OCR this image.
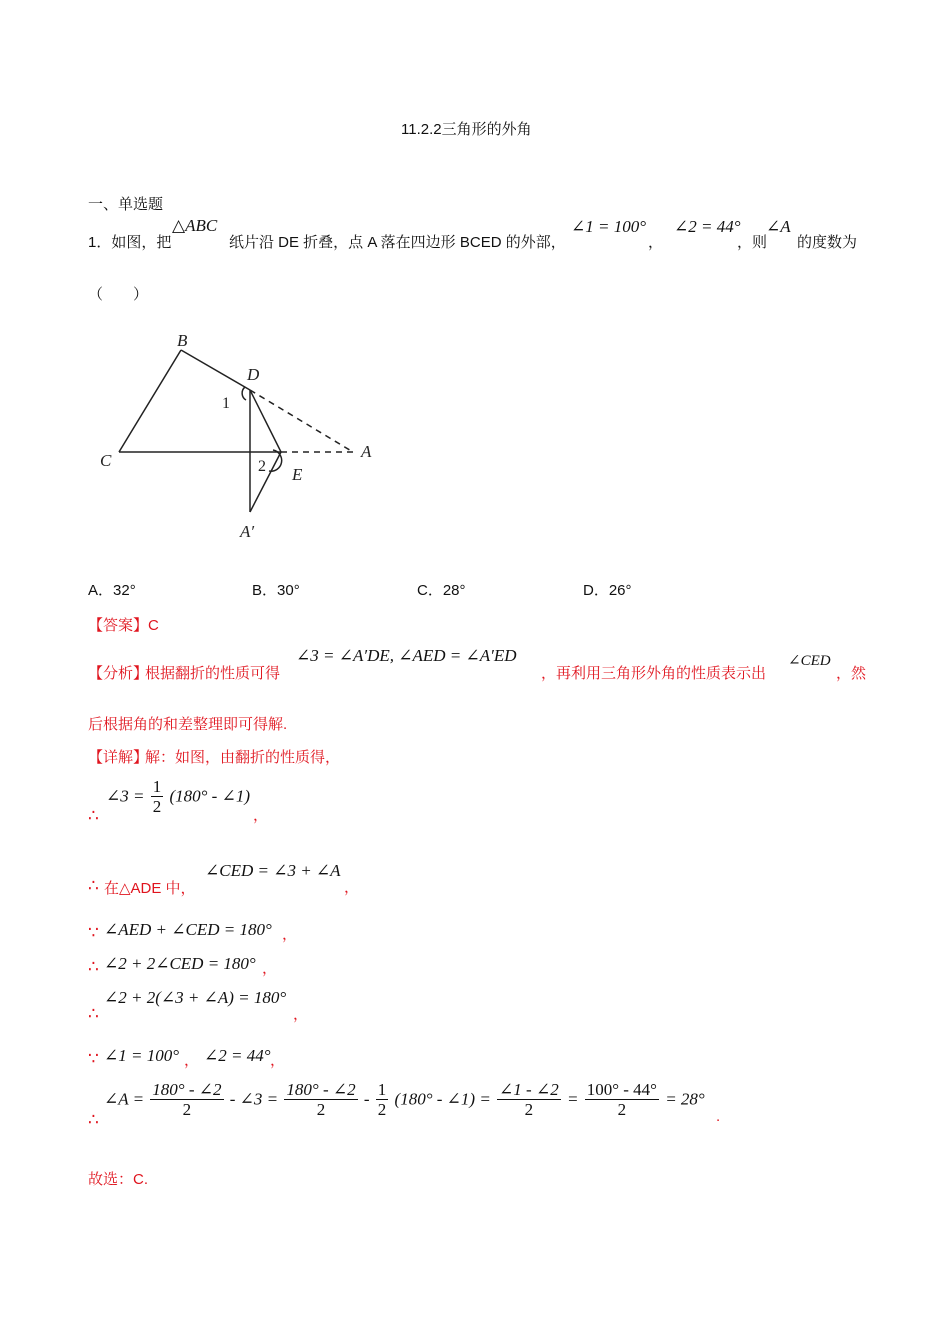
11.2.2三角形的外角
一、单选题
1．如图，把
△ABC
纸片沿 DE 折叠，点 A 落在四边形 BCED 的外部，
∠1 = 100°
，
∠2 = 44°
，则
∠A
的度数为
（　　）
B
D
C	A
E
A′
1
2
A．32°	B．30°	C．28°	D．26°
【答案】C
【分析】
根据翻折的性质可得
∠3 = ∠A′DE, ∠AED = ∠A′ED
，再利用三角形外角的性质表示出
∠CED
，然
后根据角的和差整理即可得解.
【详解】
解：如图，由翻折的性质得，
∴
∠3 = $\frac{1}{2} (180^\circ$ - ∠1)
，
∴ 在△ADE 中，
∠CED = ∠3 + ∠A
，
∵ ∠AED + ∠CED = 180° ，
∴ ∠2 + 2∠CED = 180° ，
∴
∠2 + 2(∠3 + ∠A) = 180°
，
∵ ∠1 = 100° ， ∠2 = 44° ，
∴
∠A = $\frac{180^\circ - \angle 2}{2}$ - ∠3 = $\frac{180^\circ - \angle 2}{2} - \frac{1}{2} (180^\circ$ - ∠1) = $\frac{\angle 1 - \angle 2}{2} = \frac{100^\circ - 44^\circ}{2} = 28^\circ$
.
故选：C.
